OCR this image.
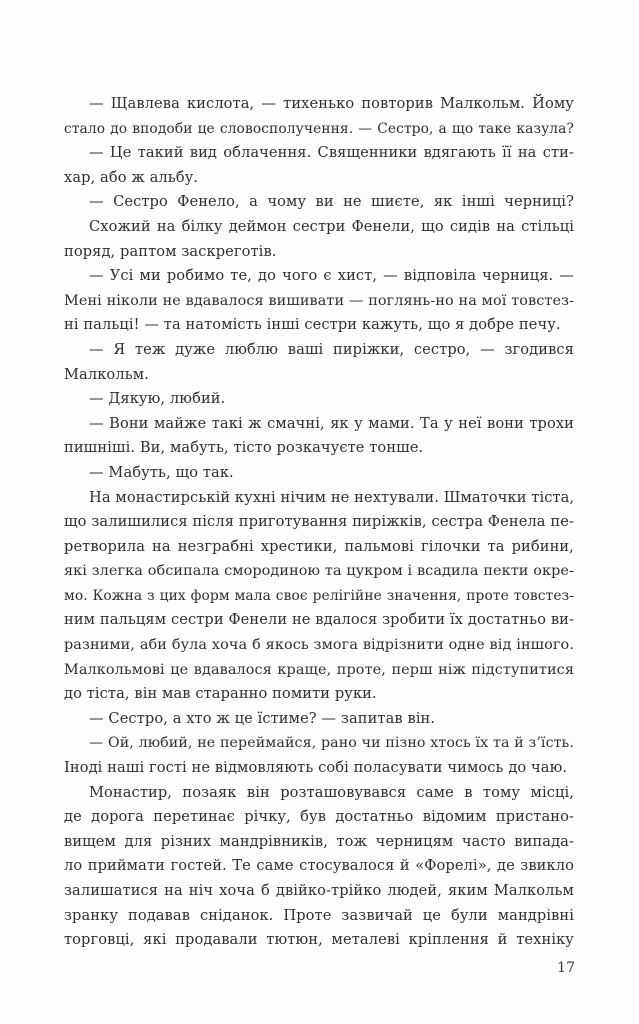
— Щавлева кислота, — тихенько повторив Малкольм. Йому
стало до вподоби це словосполучення. — Сестро, а що таке казула?
— Це такий вид облачення. Священники вдягають її на сти-
хар, або ж альбу.
— Сестро Фенело, а чому ви не шиєте, як інші черниці?
Схожий на білку деймон сестри Фенели, що сидів на стільці
поряд, раптом заскреготів.
— Усі ми робимо те, до чого є хист, — відповіла черниця. —
Мені ніколи не вдавалося вишивати — поглянь-но на мої товстез-
ні пальці! — та натомість інші сестри кажуть, що я добре печу.
— Я теж дуже люблю ваші пиріжки, сестро, — згодився
Малкольм.
— Дякую, любий.
— Вони майже такі ж смачні, як у мами. Та у неї вони трохи
пишніші. Ви, мабуть, тісто розкачуєте тонше.
— Мабуть, що так.
На монастирській кухні нічим не нехтували. Шматочки тіста,
що залишилися після приготування пиріжків, сестра Фенела пе-
ретворила на незграбні хрестики, пальмові гілочки та рибини,
які злегка обсипала смородиною та цукром і всадила пекти окре-
мо. Кожна з цих форм мала своє релігійне значення, проте товстез-
ним пальцям сестри Фенели не вдалося зробити їх достатньо ви-
разними, аби була хоча б якось змога відрізнити одне від іншого.
Малкольмові це вдавалося краще, проте, перш ніж підступитися
до тіста, він мав старанно помити руки.
— Сестро, а хто ж це їстиме? — запитав він.
— Ой, любий, не переймайся, рано чи пізно хтось їх та й з’їсть.
Іноді наші гості не відмовляють собі поласувати чимось до чаю.
Монастир, позаяк він розташовувався саме в тому місці,
де дорога перетинає річку, був достатньо відомим пристано-
вищем для різних мандрівників, тож черницям часто випада-
ло приймати гостей. Те саме стосувалося й «Форелі», де звикло
залишатися на ніч хоча б двійко-трійко людей, яким Малкольм
зранку подавав сніданок. Проте зазвичай це були мандрівні
торговці, які продавали тютюн, металеві кріплення й техніку
17
